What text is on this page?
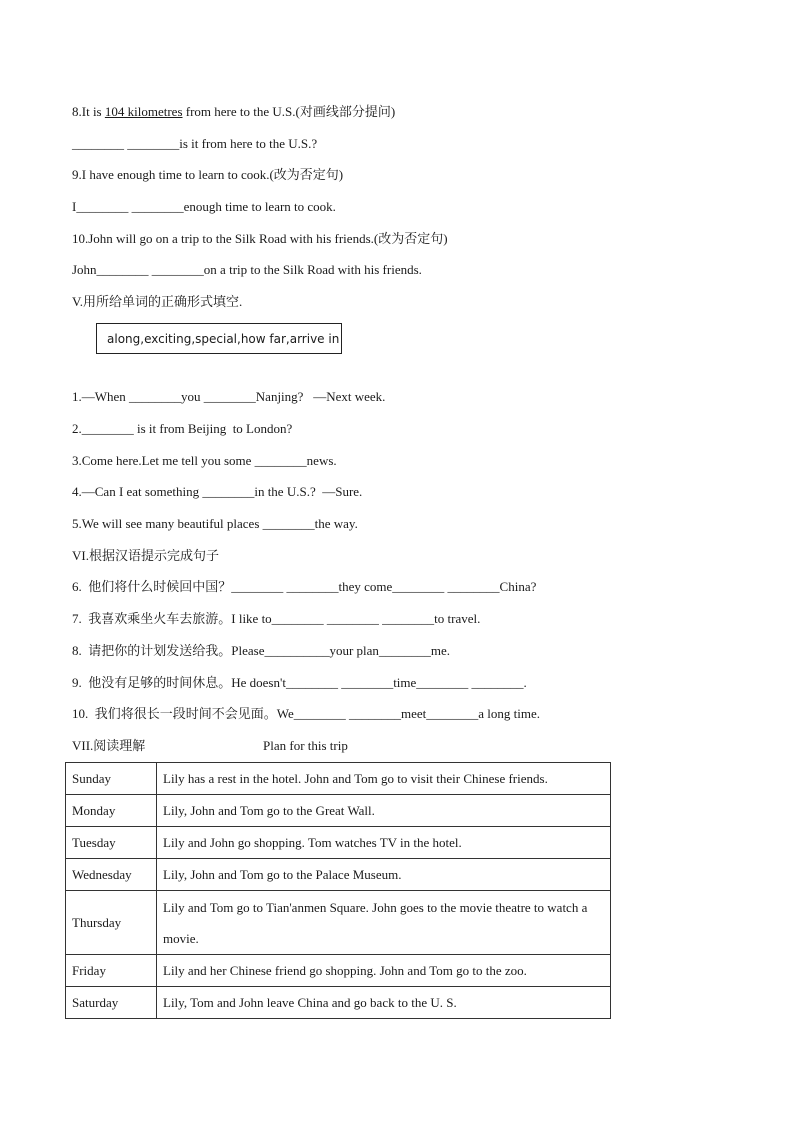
8.It is 104 kilometres from here to the U.S.(对画线部分提问)
________ ________is it from here to the U.S.?
9.I have enough time to learn to cook.(改为否定句)
I________ ________enough time to learn to cook.
10.John will go on a trip to the Silk Road with his friends.(改为否定句)
John________ ________on a trip to the Silk Road with his friends.
V.用所给单词的正确形式填空.
along,exciting,special,how far,arrive in
1.—When ________you ________Nanjing?   —Next week.
2.________ is it from Beijing  to London?
3.Come here.Let me tell you some ________news.
4.—Can I eat something ________in the U.S.?  —Sure.
5.We will see many beautiful places ________the way.
VI.根据汉语提示完成句子
6.  他们将什么时候回中国？________ ________they come________ ________China?
7.  我喜欢乘坐火车去旅游。I like to________ ________ ________to travel.
8.  请把你的计划发送给我。Please__________your plan________me.
9.  他没有足够的时间休息。He doesn't________ ________time________ ________.
10.  我们将很长一段时间不会见面。We________ ________meet________a long time.
VII.阅读理解	Plan for this trip
Sunday	Lily has a rest in the hotel. John and Tom go to visit their Chinese friends.
Monday	Lily, John and Tom go to the Great Wall.
Tuesday	Lily and John go shopping. Tom watches TV in the hotel.
Wednesday	Lily, John and Tom go to the Palace Museum.
Thursday	Lily and Tom go to Tian'anmen Square. John goes to the movie theatre to watch a movie.
Friday	Lily and her Chinese friend go shopping. John and Tom go to the zoo.
Saturday	Lily, Tom and John leave China and go back to the U. S.
